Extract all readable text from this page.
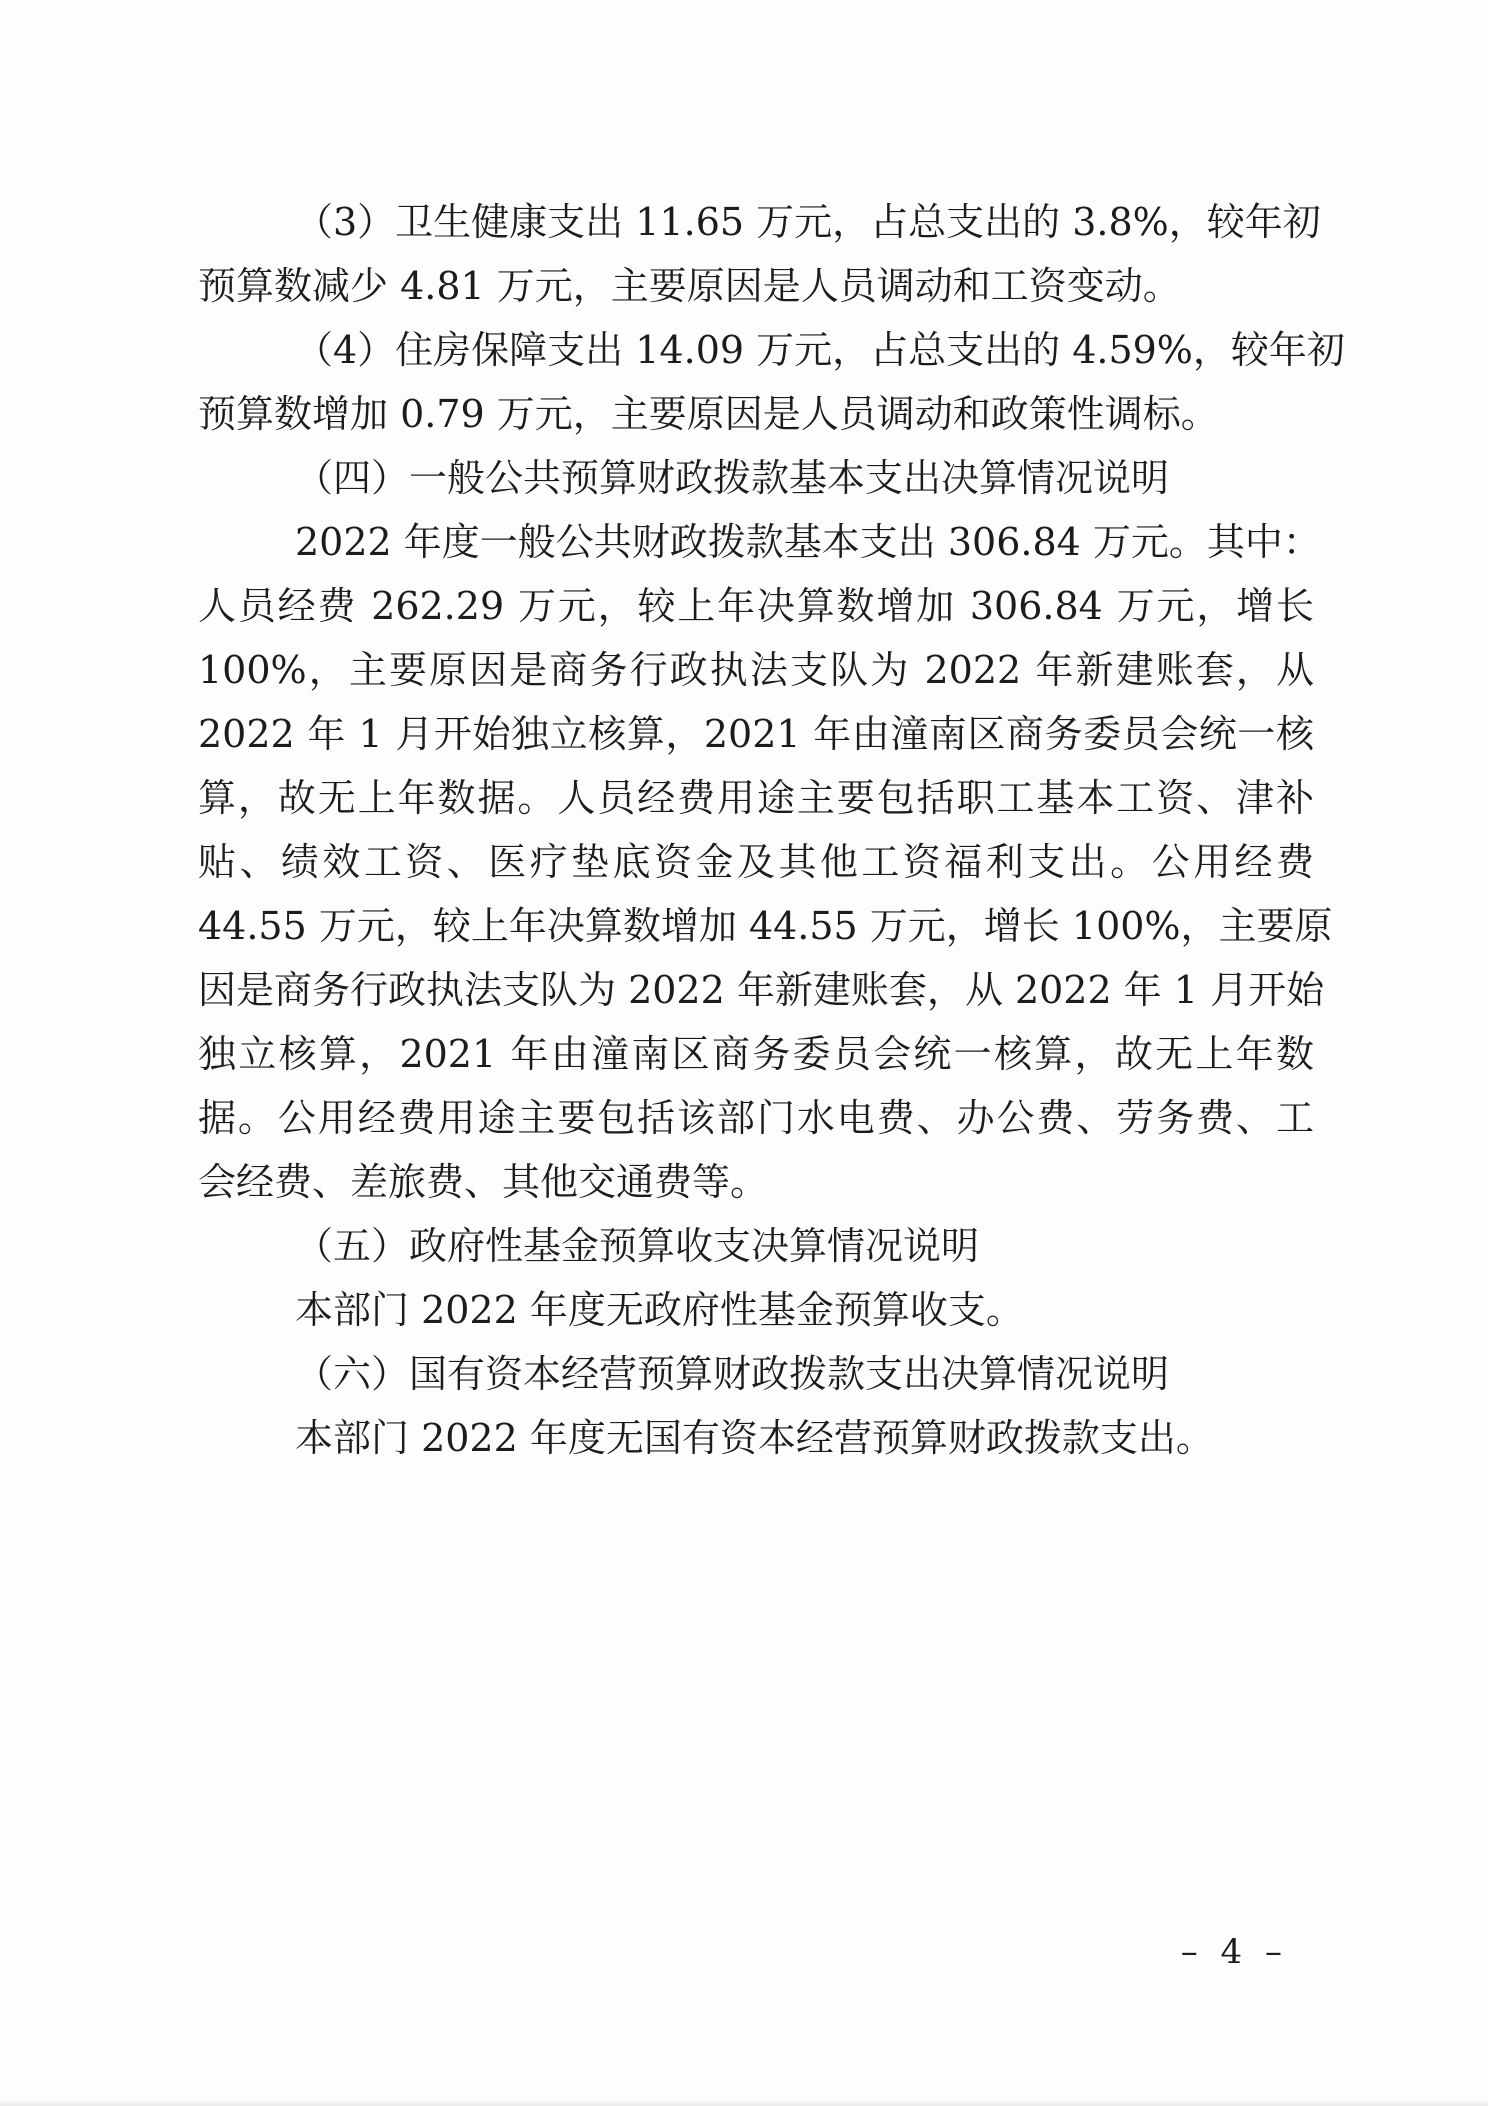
（3）卫生健康支出 11.65 万元，占总支出的 3.8%，较年初
预算数减少 4.81 万元，主要原因是人员调动和工资变动。
（4）住房保障支出 14.09 万元，占总支出的 4.59%，较年初
预算数增加 0.79 万元，主要原因是人员调动和政策性调标。
（四）一般公共预算财政拨款基本支出决算情况说明
2022 年度一般公共财政拨款基本支出 306.84 万元。其中：
人员经费 262.29 万元，较上年决算数增加 306.84 万元，增长
100%，主要原因是商务行政执法支队为 2022 年新建账套，从
2022 年 1 月开始独立核算，2021 年由潼南区商务委员会统一核
算，故无上年数据。人员经费用途主要包括职工基本工资、津补
贴、绩效工资、医疗垫底资金及其他工资福利支出。公用经费
44.55 万元，较上年决算数增加 44.55 万元，增长 100%，主要原
因是商务行政执法支队为 2022 年新建账套，从 2022 年 1 月开始
独立核算，2021 年由潼南区商务委员会统一核算，故无上年数
据。公用经费用途主要包括该部门水电费、办公费、劳务费、工
会经费、差旅费、其他交通费等。
（五）政府性基金预算收支决算情况说明
本部门 2022 年度无政府性基金预算收支。
（六）国有资本经营预算财政拨款支出决算情况说明
本部门 2022 年度无国有资本经营预算财政拨款支出。
– 4 –
